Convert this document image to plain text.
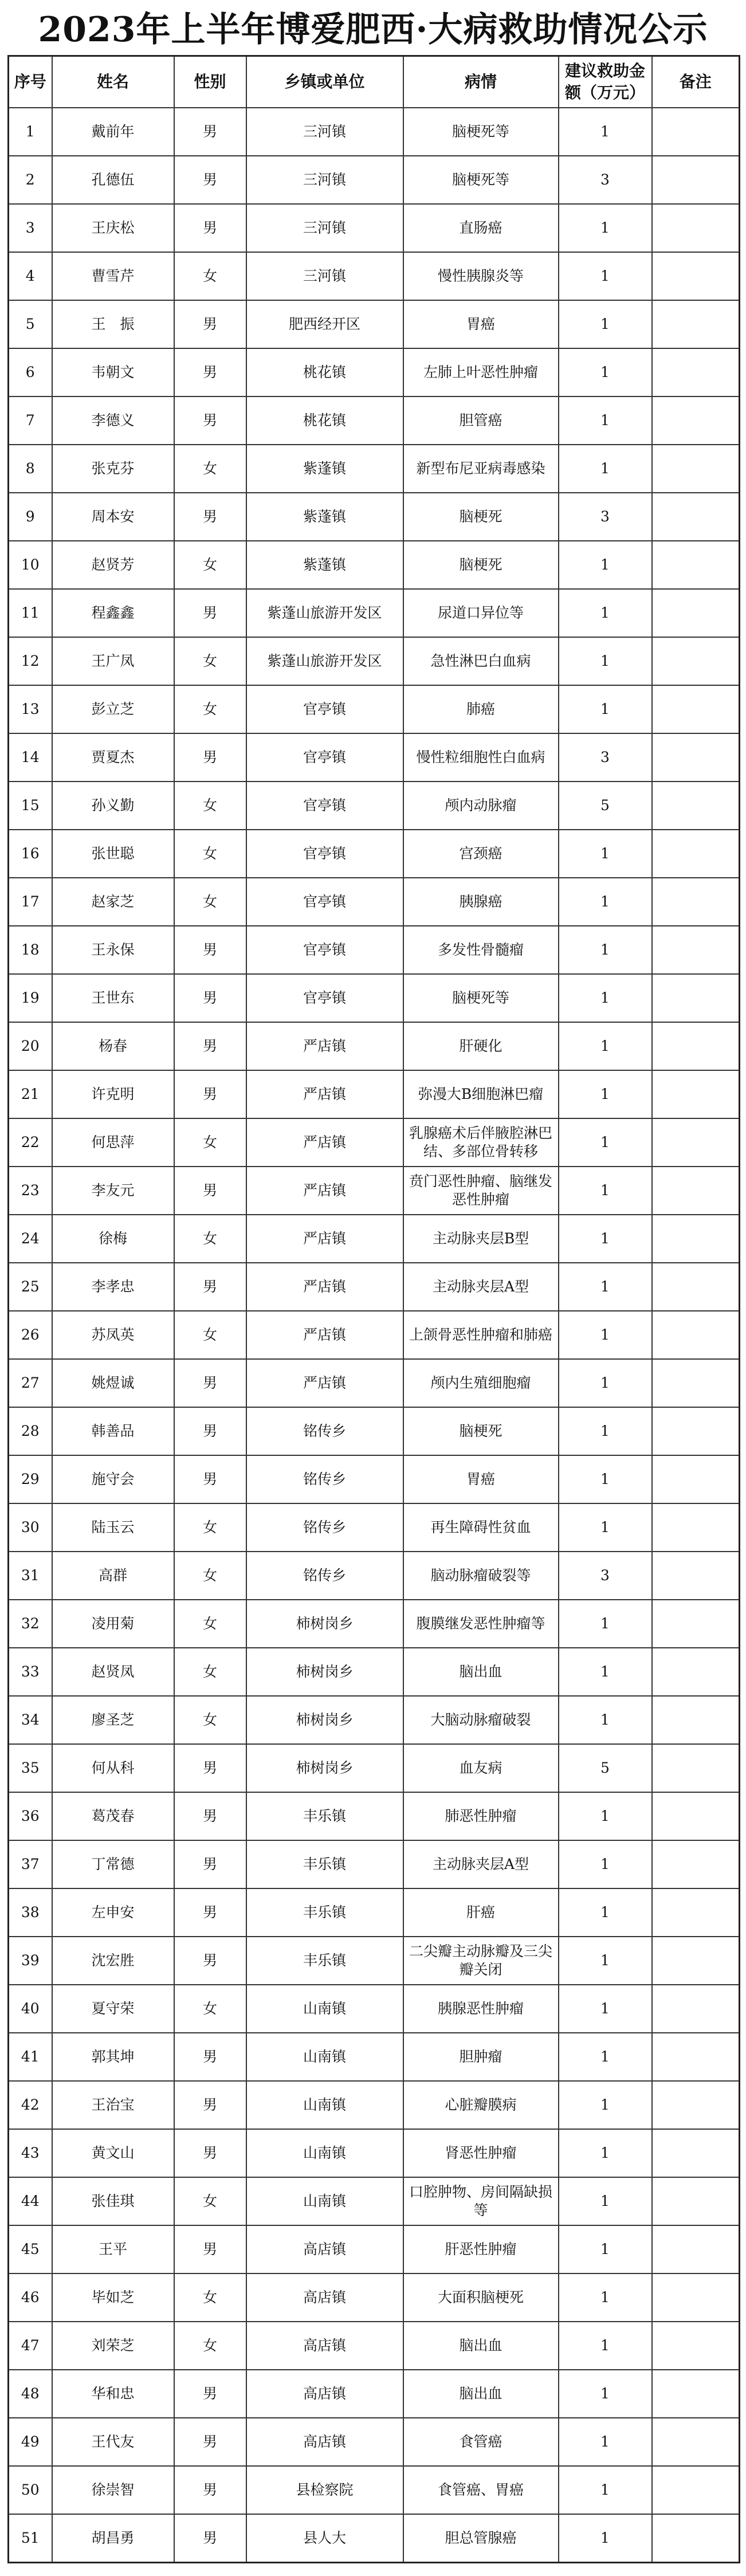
2023年上半年博爱肥西·大病救助情况公示
序号	姓名	性别	乡镇或单位	病情	建议救助金额（万元）	备注
1	戴前年	男	三河镇	脑梗死等	1	
2	孔德伍	男	三河镇	脑梗死等	3	
3	王庆松	男	三河镇	直肠癌	1	
4	曹雪芹	女	三河镇	慢性胰腺炎等	1	
5	王　振	男	肥西经开区	胃癌	1	
6	韦朝文	男	桃花镇	左肺上叶恶性肿瘤	1	
7	李德义	男	桃花镇	胆管癌	1	
8	张克芬	女	紫蓬镇	新型布尼亚病毒感染	1	
9	周本安	男	紫蓬镇	脑梗死	3	
10	赵贤芳	女	紫蓬镇	脑梗死	1	
11	程鑫鑫	男	紫蓬山旅游开发区	尿道口异位等	1	
12	王广凤	女	紫蓬山旅游开发区	急性淋巴白血病	1	
13	彭立芝	女	官亭镇	肺癌	1	
14	贾夏杰	男	官亭镇	慢性粒细胞性白血病	3	
15	孙义勤	女	官亭镇	颅内动脉瘤	5	
16	张世聪	女	官亭镇	宫颈癌	1	
17	赵家芝	女	官亭镇	胰腺癌	1	
18	王永保	男	官亭镇	多发性骨髓瘤	1	
19	王世东	男	官亭镇	脑梗死等	1	
20	杨春	男	严店镇	肝硬化	1	
21	许克明	男	严店镇	弥漫大B细胞淋巴瘤	1	
22	何思萍	女	严店镇	乳腺癌术后伴腋腔淋巴结、多部位骨转移	1	
23	李友元	男	严店镇	贲门恶性肿瘤、脑继发恶性肿瘤	1	
24	徐梅	女	严店镇	主动脉夹层B型	1	
25	李孝忠	男	严店镇	主动脉夹层A型	1	
26	苏凤英	女	严店镇	上颌骨恶性肿瘤和肺癌	1	
27	姚煜诚	男	严店镇	颅内生殖细胞瘤	1	
28	韩善品	男	铭传乡	脑梗死	1	
29	施守会	男	铭传乡	胃癌	1	
30	陆玉云	女	铭传乡	再生障碍性贫血	1	
31	高群	女	铭传乡	脑动脉瘤破裂等	3	
32	凌用菊	女	柿树岗乡	腹膜继发恶性肿瘤等	1	
33	赵贤凤	女	柿树岗乡	脑出血	1	
34	廖圣芝	女	柿树岗乡	大脑动脉瘤破裂	1	
35	何从科	男	柿树岗乡	血友病	5	
36	葛茂春	男	丰乐镇	肺恶性肿瘤	1	
37	丁常德	男	丰乐镇	主动脉夹层A型	1	
38	左申安	男	丰乐镇	肝癌	1	
39	沈宏胜	男	丰乐镇	二尖瓣主动脉瓣及三尖瓣关闭	1	
40	夏守荣	女	山南镇	胰腺恶性肿瘤	1	
41	郭其坤	男	山南镇	胆肿瘤	1	
42	王治宝	男	山南镇	心脏瓣膜病	1	
43	黄文山	男	山南镇	肾恶性肿瘤	1	
44	张佳琪	女	山南镇	口腔肿物、房间隔缺损等	1	
45	王平	男	高店镇	肝恶性肿瘤	1	
46	毕如芝	女	高店镇	大面积脑梗死	1	
47	刘荣芝	女	高店镇	脑出血	1	
48	华和忠	男	高店镇	脑出血	1	
49	王代友	男	高店镇	食管癌	1	
50	徐崇智	男	县检察院	食管癌、胃癌	1	
51	胡昌勇	男	县人大	胆总管腺癌	1	
